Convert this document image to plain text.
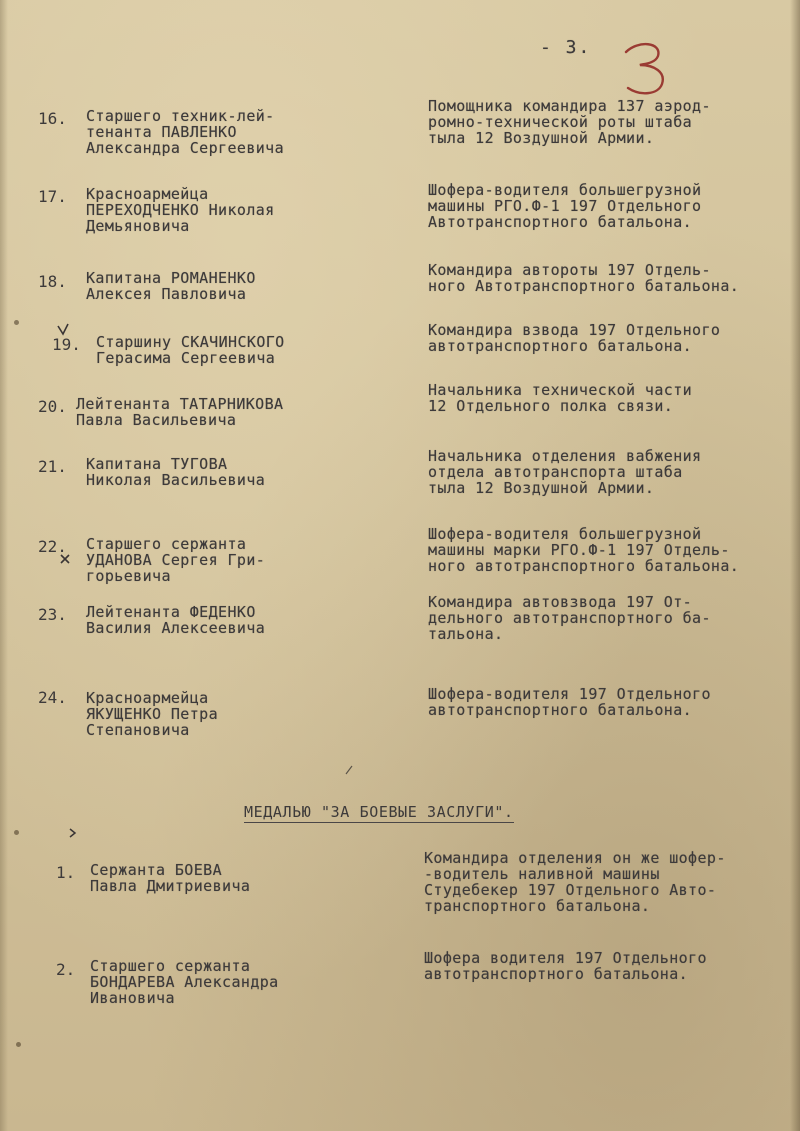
- 3.
16. Старшего техник-лей-
тенанта ПАВЛЕНКО
Александра Сергеевича
Помощника командира 137 аэрод-
ромно-технической роты штаба
тыла 12 Воздушной Армии.
17. Красноармейца
ПЕРЕХОДЧЕНКО Николая
Демьяновича
Шофера-водителя большегрузной
машины РГО.Ф-1 197 Отдельного
Автотранспортного батальона.
18. Капитана РОМАНЕНКО
Алексея Павловича
Командира автороты 197 Отдель-
ного Автотранспортного батальона.
19. Старшину СКАЧИНСКОГО
Герасима Сергеевича
Командира взвода 197 Отдельного
автотранспортного батальона.
20. Лейтенанта ТАТАРНИКОВА
Павла Васильевича
Начальника технической части
12 Отдельного полка связи.
21. Капитана ТУГОВА
Николая Васильевича
Начальника отделения вабжения
отдела автотранспорта штаба
тыла 12 Воздушной Армии.
22. Старшего сержанта
УДАНОВА Сергея Гри-
горьевича
Шофера-водителя большегрузной
машины марки РГО.Ф-1 197 Отдель-
ного автотранспортного батальона.
23. Лейтенанта ФЕДЕНКО
Василия Алексеевича
Командира автовзвода 197 От-
дельного автотранспортного ба-
тальона.
24. Красноармейца
ЯКУЩЕНКО Петра
Степановича
Шофера-водителя 197 Отдельного
автотранспортного батальона.
МЕДАЛЬЮ "ЗА БОЕВЫЕ ЗАСЛУГИ".
1. Сержанта БОЕВА
Павла Дмитриевича
Командира отделения он же шофер-
-водитель наливной машины
Студебекер 197 Отдельного Авто-
транспортного батальона.
2. Старшего сержанта
БОНДАРЕВА Александра
Ивановича
Шофера водителя 197 Отдельного
автотранспортного батальона.
